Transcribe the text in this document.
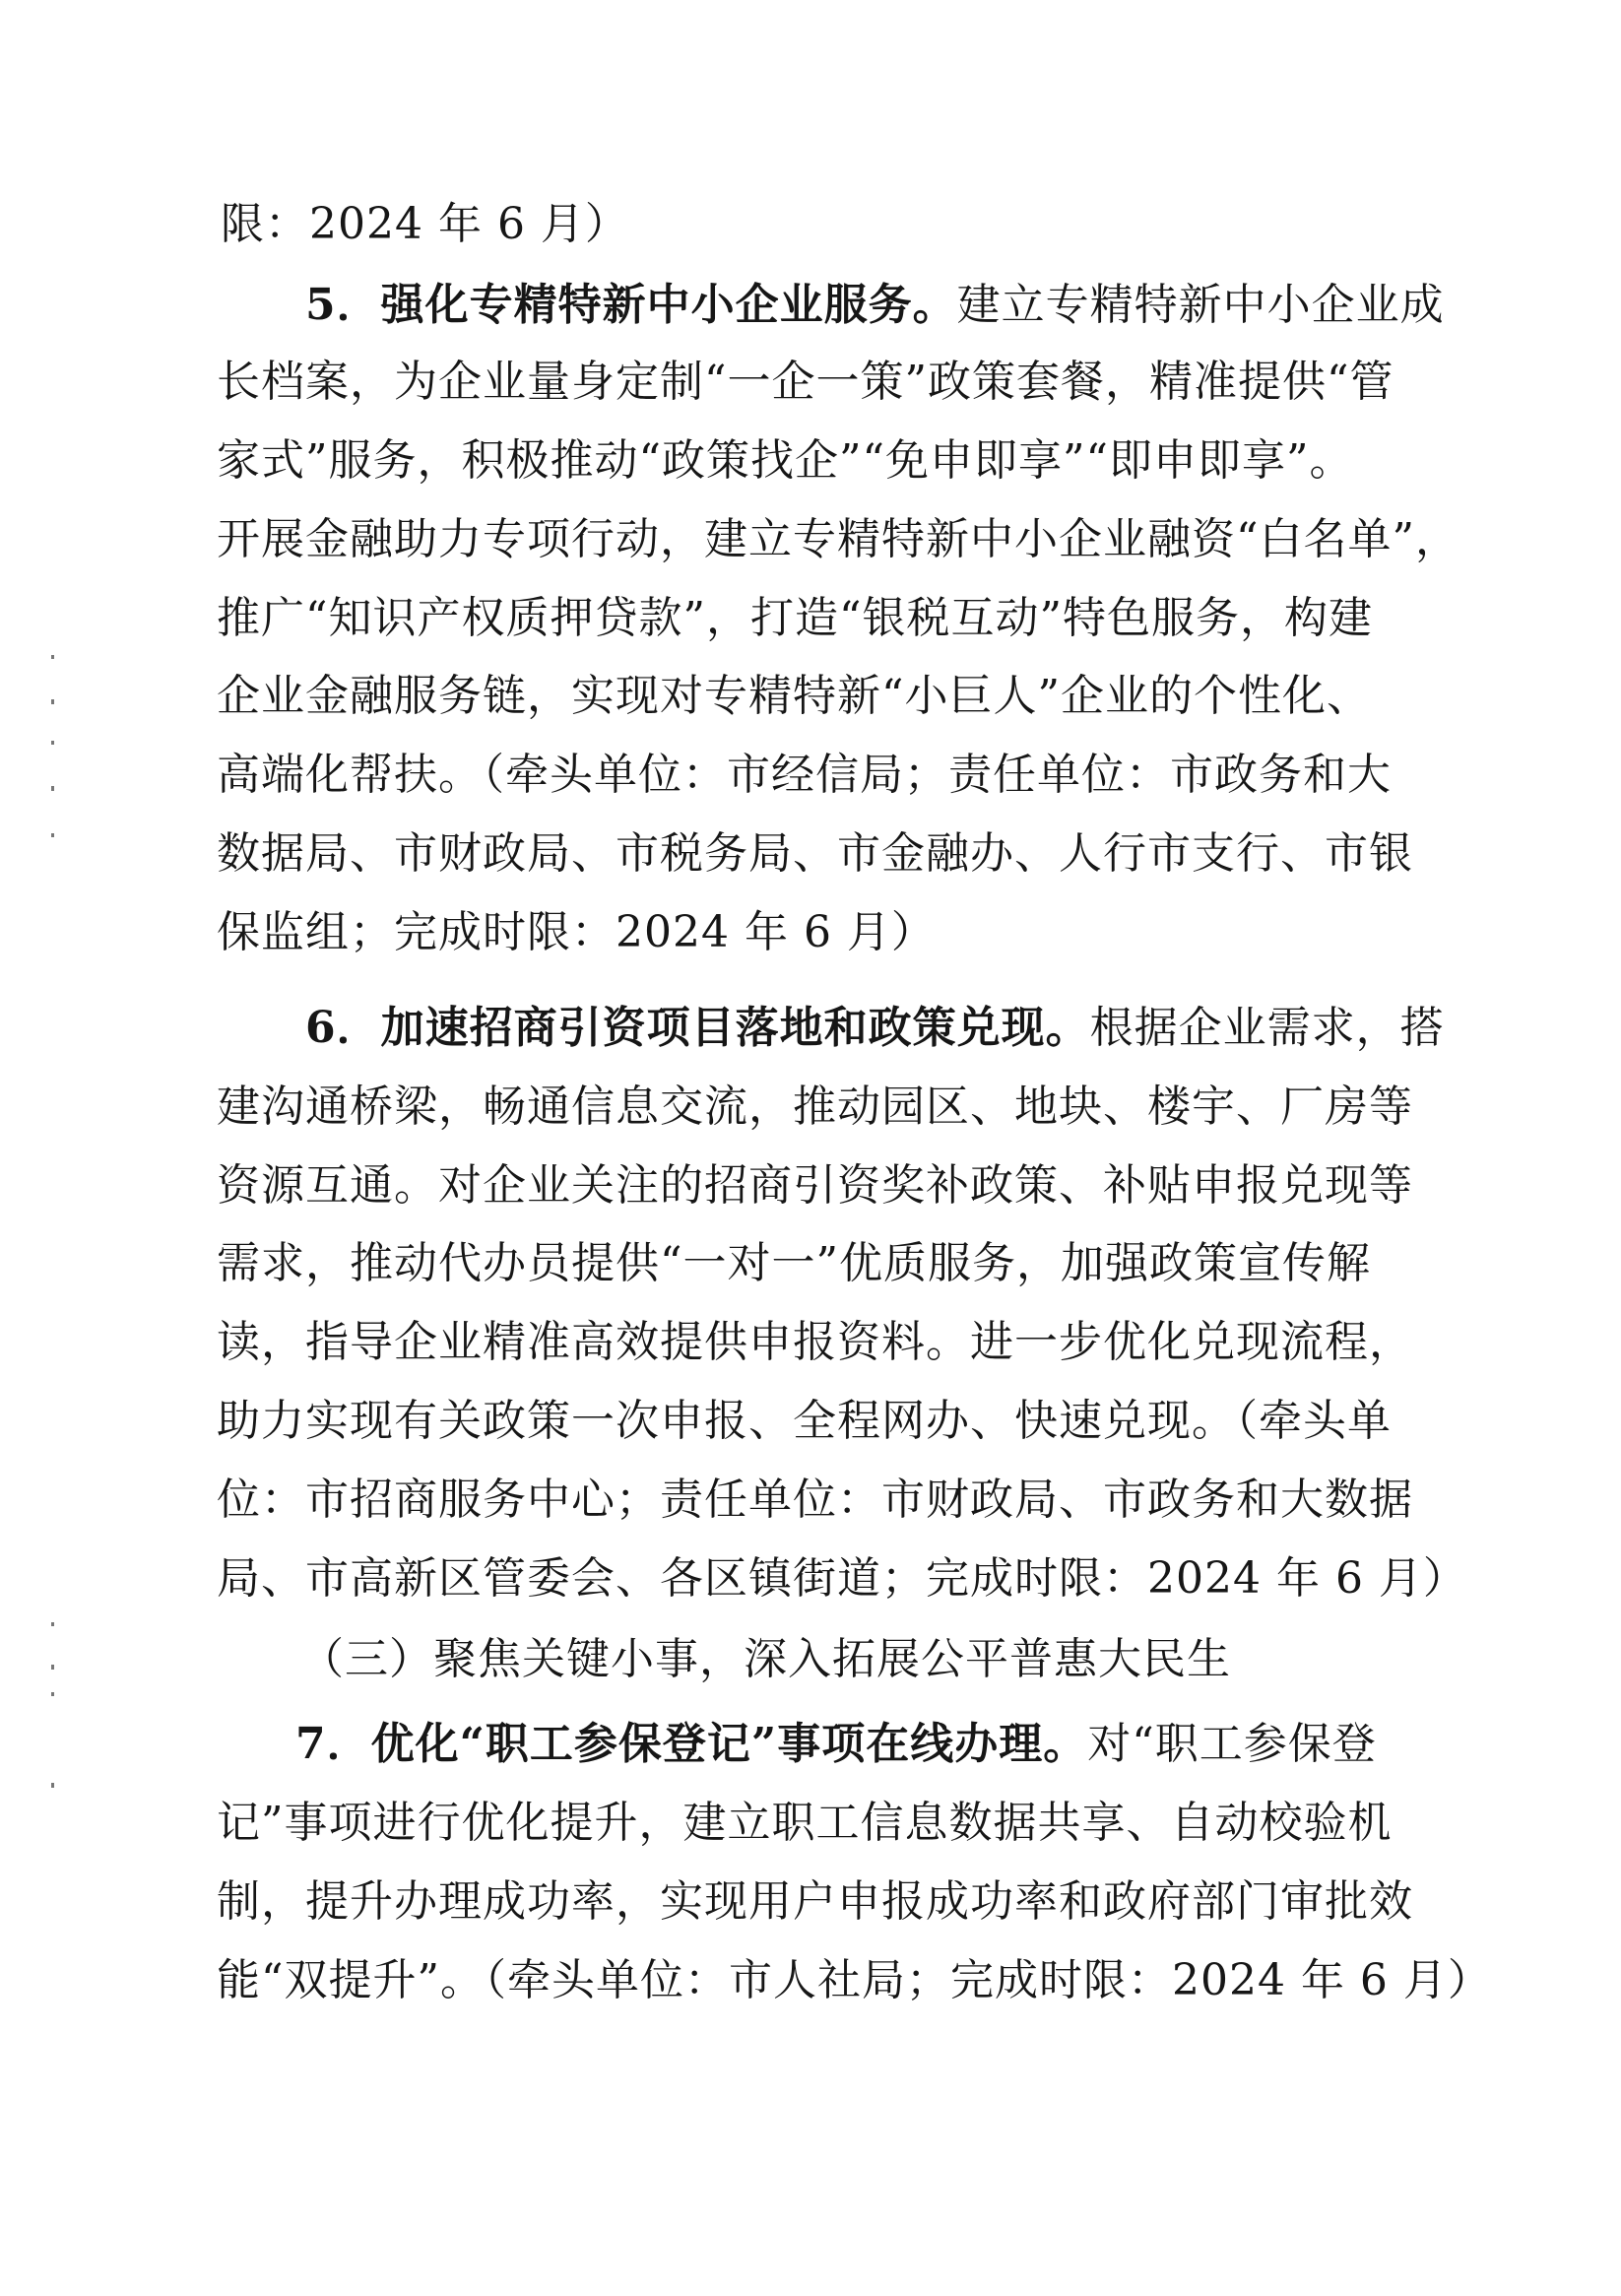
限：2024 年 6 月）
5．强化专精特新中小企业服务。建立专精特新中小企业成
长档案，为企业量身定制“一企一策”政策套餐，精准提供“管
家式”服务，积极推动“政策找企”“免申即享”“即申即享”。
开展金融助力专项行动，建立专精特新中小企业融资“白名单”，
推广“知识产权质押贷款”，打造“银税互动”特色服务，构建
企业金融服务链，实现对专精特新“小巨人”企业的个性化、
高端化帮扶。（牵头单位：市经信局；责任单位：市政务和大
数据局、市财政局、市税务局、市金融办、人行市支行、市银
保监组；完成时限：2024 年 6 月）
6．加速招商引资项目落地和政策兑现。根据企业需求，搭
建沟通桥梁，畅通信息交流，推动园区、地块、楼宇、厂房等
资源互通。对企业关注的招商引资奖补政策、补贴申报兑现等
需求，推动代办员提供“一对一”优质服务，加强政策宣传解
读，指导企业精准高效提供申报资料。进一步优化兑现流程，
助力实现有关政策一次申报、全程网办、快速兑现。（牵头单
位：市招商服务中心；责任单位：市财政局、市政务和大数据
局、市高新区管委会、各区镇街道；完成时限：2024 年 6 月）
（三）聚焦关键小事，深入拓展公平普惠大民生
7．优化“职工参保登记”事项在线办理。对“职工参保登
记”事项进行优化提升，建立职工信息数据共享、自动校验机
制，提升办理成功率，实现用户申报成功率和政府部门审批效
能“双提升”。（牵头单位：市人社局；完成时限：2024 年 6 月）
